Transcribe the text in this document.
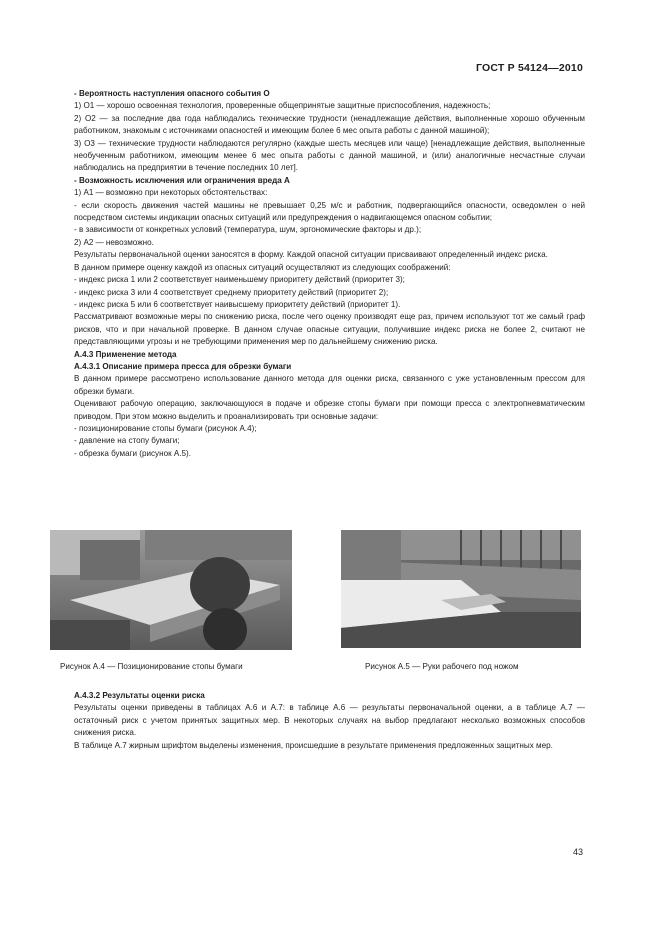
ГОСТ Р 54124—2010

- Вероятность наступления опасного события О

1) О1 — хорошо освоенная технология, проверенные общепринятые защитные приспособления, надежность;

2) О2 — за последние два года наблюдались технические трудности (ненадлежащие действия, выполненные хорошо обученным работником, знакомым с источниками опасностей и имеющим более 6 мес опыта работы с данной машиной);

3) О3 — технические трудности наблюдаются регулярно (каждые шесть месяцев или чаще) [ненадлежащие действия, выполненные необученным работником, имеющим менее 6 мес опыта работы с данной машиной, и (или) аналогичные несчастные случаи наблюдались на предприятии в течение последних 10 лет].

- Возможность исключения или ограничения вреда А

1) А1 — возможно при некоторых обстоятельствах:

- если скорость движения частей машины не превышает 0,25 м/с и работник, подвергающийся опасности, осведомлен о ней посредством системы индикации опасных ситуаций или предупреждения о надвигающемся опасном событии;

- в зависимости от конкретных условий (температура, шум, эргономические факторы и др.);

2) А2 — невозможно.

Результаты первоначальной оценки заносятся в форму. Каждой опасной ситуации присваивают определенный индекс риска.

В данном примере оценку каждой из опасных ситуаций осуществляют из следующих соображений:

- индекс риска 1 или 2 соответствует наименьшему приоритету действий (приоритет 3);

- индекс риска 3 или 4 соответствует среднему приоритету действий (приоритет 2);

- индекс риска 5 или 6 соответствует наивысшему приоритету действий (приоритет 1).

Рассматривают возможные меры по снижению риска, после чего оценку производят еще раз, причем используют тот же самый граф рисков, что и при начальной проверке. В данном случае опасные ситуации, получившие индекс риска не более 2, считают не представляющими угрозы и не требующими применения мер по дальнейшему снижению риска.

А.4.3 Применение метода

А.4.3.1 Описание примера пресса для обрезки бумаги

В данном примере рассмотрено использование данного метода для оценки риска, связанного с уже установленным прессом для обрезки бумаги.

Оценивают рабочую операцию, заключающуюся в подаче и обрезке стопы бумаги при помощи пресса с электропневматическим приводом. При этом можно выделить и проанализировать три основные задачи:

- позиционирование стопы бумаги (рисунок А.4);

- давление на стопу бумаги;

- обрезка бумаги (рисунок А.5).

Рисунок А.4 — Позиционирование стопы бумаги	Рисунок А.5 — Руки рабочего под ножом

А.4.3.2 Результаты оценки риска

Результаты оценки приведены в таблицах А.6 и А.7: в таблице А.6 — результаты первоначальной оценки, а в таблице А.7 — остаточный риск с учетом принятых защитных мер. В некоторых случаях на выбор предлагают несколько возможных способов снижения риска.

В таблице А.7 жирным шрифтом выделены изменения, происшедшие в результате применения предложенных защитных мер.

43
